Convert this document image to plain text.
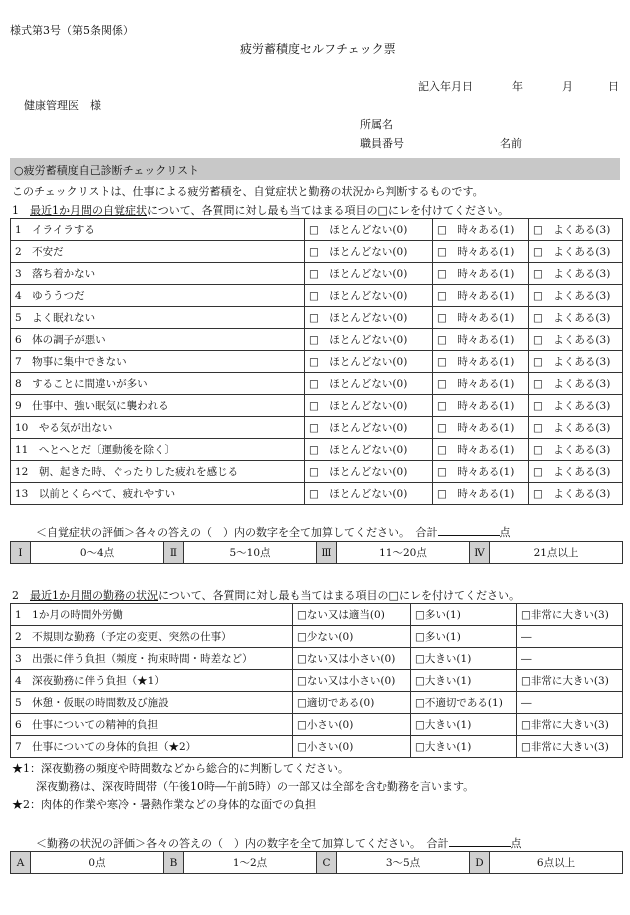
様式第3号（第5条関係）
疲労蓄積度セルフチェック票
記入年月日	年	月	日
健康管理医　様
所属名
職員番号	名前
○疲労蓄積度自己診断チェックリスト
このチェックリストは、仕事による疲労蓄積を、自覚症状と勤務の状況から判断するものです。
1　最近1か月間の自覚症状について、各質問に対し最も当てはまる項目の□にレを付けてください。
1　イライラする	□　ほとんどない(0)	□　時々ある(1)	□　よくある(3)
2　不安だ	□　ほとんどない(0)	□　時々ある(1)	□　よくある(3)
3　落ち着かない	□　ほとんどない(0)	□　時々ある(1)	□　よくある(3)
4　ゆううつだ	□　ほとんどない(0)	□　時々ある(1)	□　よくある(3)
5　よく眠れない	□　ほとんどない(0)	□　時々ある(1)	□　よくある(3)
6　体の調子が悪い	□　ほとんどない(0)	□　時々ある(1)	□　よくある(3)
7　物事に集中できない	□　ほとんどない(0)	□　時々ある(1)	□　よくある(3)
8　することに間違いが多い	□　ほとんどない(0)	□　時々ある(1)	□　よくある(3)
9　仕事中、強い眠気に襲われる	□　ほとんどない(0)	□　時々ある(1)	□　よくある(3)
10　やる気が出ない	□　ほとんどない(0)	□　時々ある(1)	□　よくある(3)
11　へとへとだ〔運動後を除く〕	□　ほとんどない(0)	□　時々ある(1)	□　よくある(3)
12　朝、起きた時、ぐったりした疲れを感じる	□　ほとんどない(0)	□　時々ある(1)	□　よくある(3)
13　以前とくらべて、疲れやすい	□　ほとんどない(0)	□　時々ある(1)	□　よくある(3)
＜自覚症状の評価＞各々の答えの（　）内の数字を全て加算してください。　合計	点
Ⅰ	0～4点	Ⅱ	5～10点	Ⅲ	11～20点	Ⅳ	21点以上
2　最近1か月間の勤務の状況について、各質問に対し最も当てはまる項目の□にレを付けてください。
1　1か月の時間外労働	□ない又は適当(0)	□多い(1)	□非常に大きい(3)
2　不規則な勤務（予定の変更、突然の仕事）	□少ない(0)	□多い(1)	―
3　出張に伴う負担（頻度・拘束時間・時差など）	□ない又は小さい(0)	□大きい(1)	―
4　深夜勤務に伴う負担（★1）	□ない又は小さい(0)	□大きい(1)	□非常に大きい(3)
5　休憩・仮眠の時間数及び施設	□適切である(0)	□不適切である(1)	―
6　仕事についての精神的負担	□小さい(0)	□大きい(1)	□非常に大きい(3)
7　仕事についての身体的負担（★2）	□小さい(0)	□大きい(1)	□非常に大きい(3)
★1：深夜勤務の頻度や時間数などから総合的に判断してください。
深夜勤務は、深夜時間帯（午後10時―午前5時）の一部又は全部を含む勤務を言います。
★2：肉体的作業や寒冷・暑熱作業などの身体的な面での負担
＜勤務の状況の評価＞各々の答えの（　）内の数字を全て加算してください。　合計	点
A	0点	B	1～2点	C	3～5点	D	6点以上
